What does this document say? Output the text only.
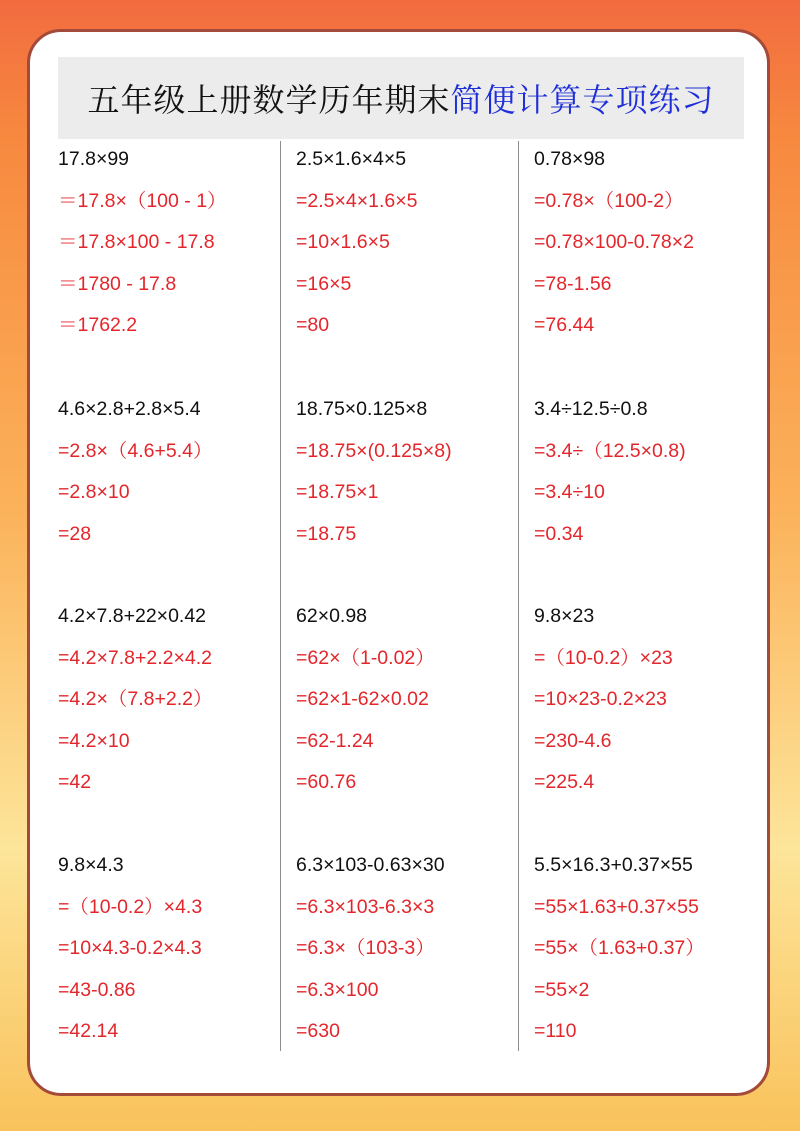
五年级上册数学历年期末 简便计算专项练习
17.8×99
＝17.8×（100 - 1）
＝17.8×100 - 17.8
＝1780 - 17.8
＝1762.2
2.5×1.6×4×5
=2.5×4×1.6×5
=10×1.6×5
=16×5
=80
0.78×98
=0.78×（100-2）
=0.78×100-0.78×2
=78-1.56
=76.44
4.6×2.8+2.8×5.4
=2.8×（4.6+5.4）
=2.8×10
=28
18.75×0.125×8
=18.75×(0.125×8)
=18.75×1
=18.75
3.4÷12.5÷0.8
=3.4÷（12.5×0.8)
=3.4÷10
=0.34
4.2×7.8+22×0.42
=4.2×7.8+2.2×4.2
=4.2×（7.8+2.2）
=4.2×10
=42
62×0.98
=62×（1-0.02）
=62×1-62×0.02
=62-1.24
=60.76
9.8×23
=（10-0.2）×23
=10×23-0.2×23
=230-4.6
=225.4
9.8×4.3
=（10-0.2）×4.3
=10×4.3-0.2×4.3
=43-0.86
=42.14
6.3×103-0.63×30
=6.3×103-6.3×3
=6.3×（103-3）
=6.3×100
=630
5.5×16.3+0.37×55
=55×1.63+0.37×55
=55×（1.63+0.37）
=55×2
=110
